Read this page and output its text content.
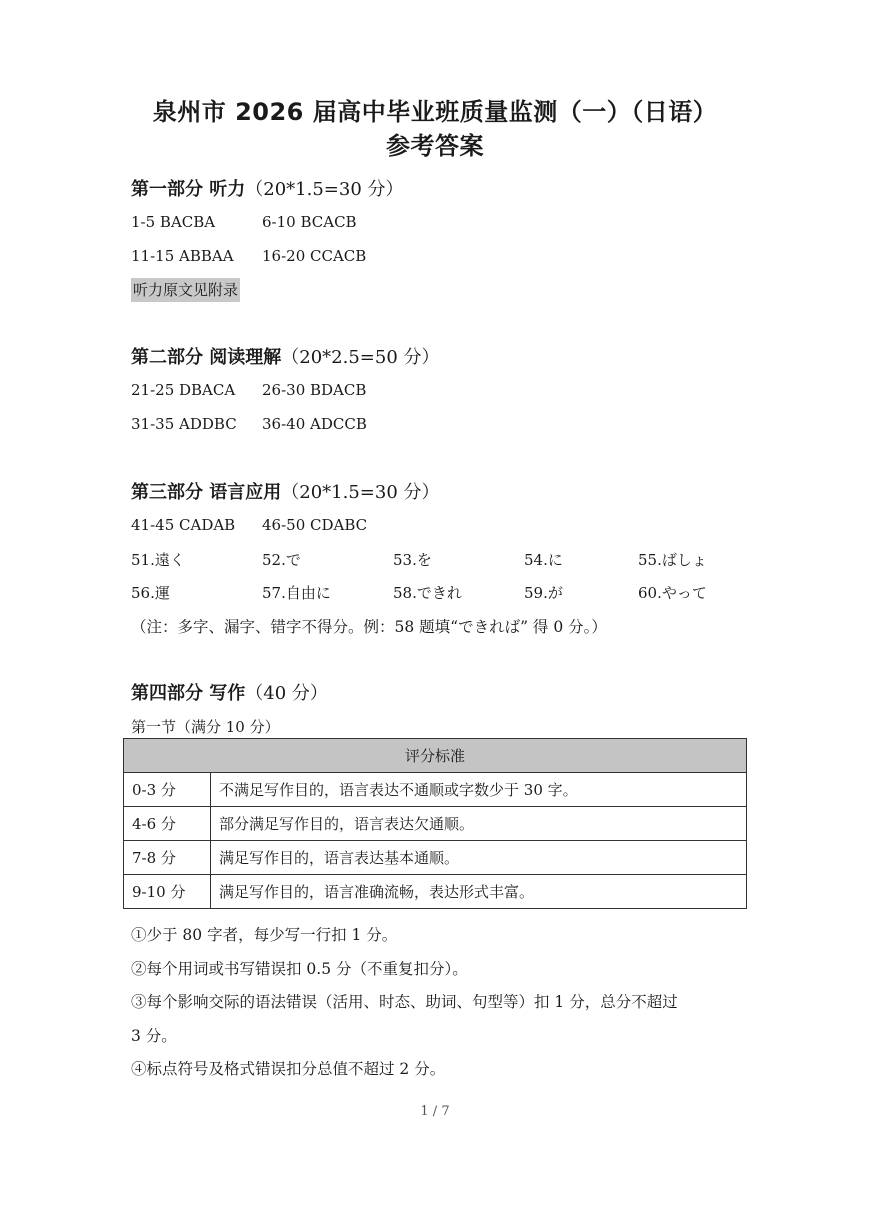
泉州市 2026 届高中毕业班质量监测（一）（日语）
参考答案
第一部分 听力（20*1.5=30 分）
1-5 BACBA	6-10 BCACB
11-15 ABBAA 16-20 CCACB
听力原文见附录
第二部分 阅读理解（20*2.5=50 分）
21-25 DBACA 26-30 BDACB
31-35 ADDBC 36-40 ADCCB
第三部分 语言应用（20*1.5=30 分）
41-45 CADAB 46-50 CDABC
51.遠く	52.で	53.を	54.に	55.ばしょ
56.運	57.自由に	58.できれ	59.が	60.やって
（注：多字、漏字、错字不得分。例：58 题填“できれば” 得 0 分。）
第四部分 写作（40 分）
第一节（满分 10 分）
评分标准	
0-3 分	不满足写作目的，语言表达不通顺或字数少于 30 字。
4-6 分	部分满足写作目的，语言表达欠通顺。
7-8 分	满足写作目的，语言表达基本通顺。
9-10 分	满足写作目的，语言准确流畅，表达形式丰富。
①少于 80 字者，每少写一行扣 1 分。
②每个用词或书写错误扣 0.5 分（不重复扣分）。
③每个影响交际的语法错误（活用、时态、助词、句型等）扣 1 分，总分不超过
3 分。
④标点符号及格式错误扣分总值不超过 2 分。
1 / 7
